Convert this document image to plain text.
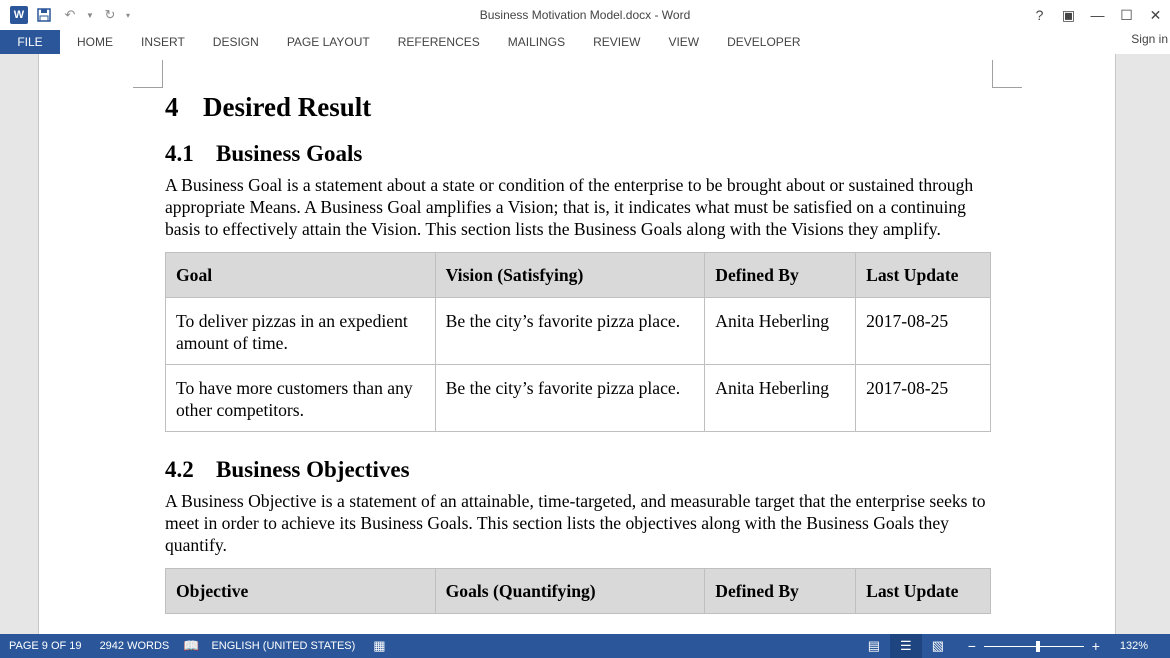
W	↶	▼ ↻	▾	Business Motivation Model.docx - Word	?	▣	—	☐	✕
FILE	HOME	INSERT	DESIGN	PAGE LAYOUT	REFERENCES	MAILINGS	REVIEW	VIEW	DEVELOPER	Sign in
4 Desired Result
4.1 Business Goals

A Business Goal is a statement about a state or condition of the enterprise to be brought about or sustained through appropriate Means. A Business Goal amplifies a Vision; that is, it indicates what must be satisfied on a continuing basis to effectively attain the Vision. This section lists the Business Goals along with the Visions they amplify.

Goal	Vision (Satisfying)	Defined By	Last Update
To deliver pizzas in an expedient amount of time.	Be the city’s favorite pizza place.	Anita Heberling	2017-08-25
To have more customers than any other competitors.	Be the city’s favorite pizza place.	Anita Heberling	2017-08-25
4.2 Business Objectives

A Business Objective is a statement of an attainable, time-targeted, and measurable target that the enterprise seeks to meet in order to achieve its Business Goals. This section lists the objectives along with the Business Goals they quantify.

Objective	Goals (Quantifying)	Defined By	Last Update
PAGE 9 OF 19 2942 WORDS 📖 ENGLISH (UNITED STATES) ▦	▤	☰	▧	−	+	132%
